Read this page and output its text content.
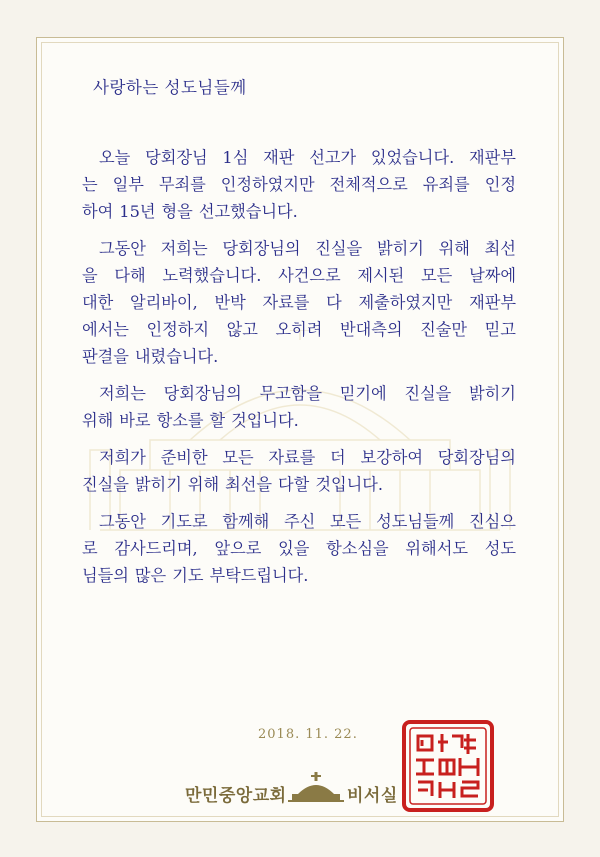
사랑하는 성도님들께
오늘 당회장님 1심 재판 선고가 있었습니다. 재판부
는 일부 무죄를 인정하였지만 전체적으로 유죄를 인정
하여 15년 형을 선고했습니다.
그동안 저희는 당회장님의 진실을 밝히기 위해 최선
을 다해 노력했습니다. 사건으로 제시된 모든 날짜에
대한 알리바이, 반박 자료를 다 제출하였지만 재판부
에서는 인정하지 않고 오히려 반대측의 진술만 믿고
판결을 내렸습니다.
저희는 당회장님의 무고함을 믿기에 진실을 밝히기
위해 바로 항소를 할 것입니다.
저희가 준비한 모든 자료를 더 보강하여 당회장님의
진실을 밝히기 위해 최선을 다할 것입니다.
그동안 기도로 함께해 주신 모든 성도님들께 진심으
로 감사드리며, 앞으로 있을 항소심을 위해서도 성도
님들의 많은 기도 부탁드립니다.
2018. 11. 22.
만민중앙교회	비서실
